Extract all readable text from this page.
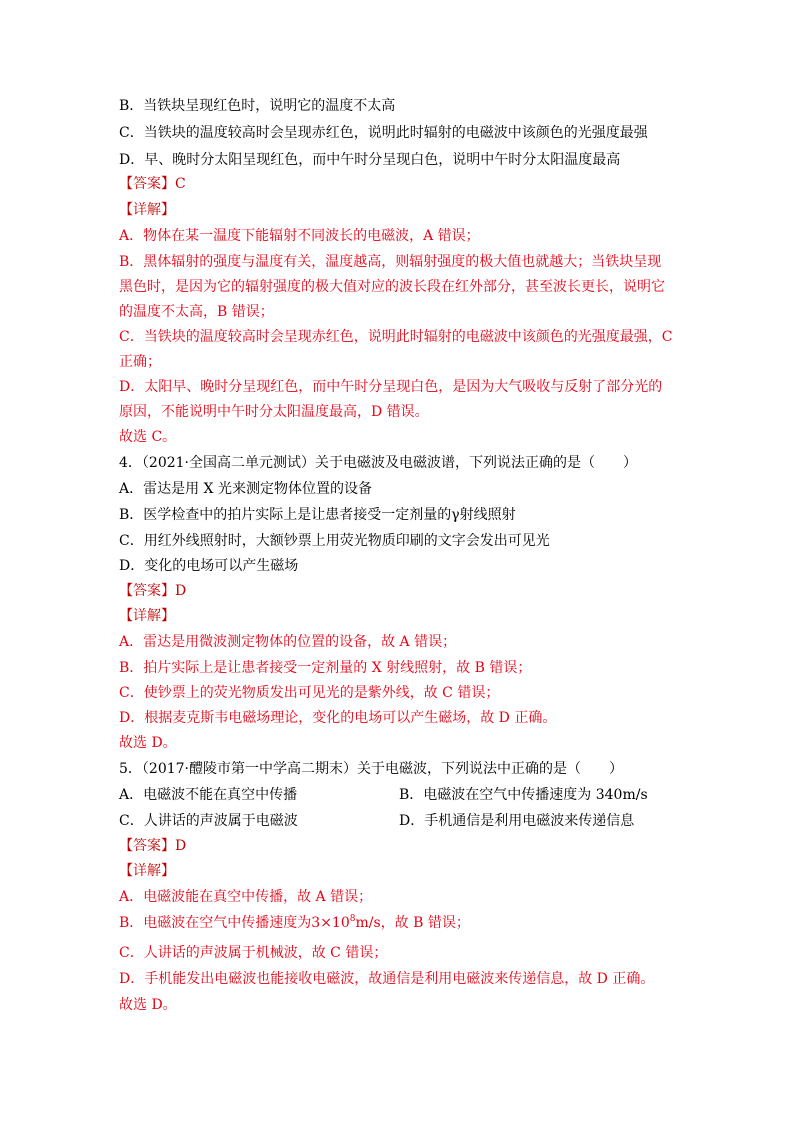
B．当铁块呈现红色时，说明它的温度不太高
C．当铁块的温度较高时会呈现赤红色，说明此时辐射的电磁波中该颜色的光强度最强
D．早、晚时分太阳呈现红色，而中午时分呈现白色，说明中午时分太阳温度最高
【答案】C
【详解】
A．物体在某一温度下能辐射不同波长的电磁波，A 错误；
B．黑体辐射的强度与温度有关，温度越高，则辐射强度的极大值也就越大；当铁块呈现
黑色时，是因为它的辐射强度的极大值对应的波长段在红外部分，甚至波长更长，说明它
的温度不太高，B 错误；
C．当铁块的温度较高时会呈现赤红色，说明此时辐射的电磁波中该颜色的光强度最强，C
正确；
D．太阳早、晚时分呈现红色，而中午时分呈现白色，是因为大气吸收与反射了部分光的
原因，不能说明中午时分太阳温度最高，D 错误。
故选 C。
4．（2021·全国高二单元测试）关于电磁波及电磁波谱，下列说法正确的是（　　）
A．雷达是用 X 光来测定物体位置的设备
B．医学检查中的拍片实际上是让患者接受一定剂量的γ射线照射
C．用红外线照射时，大额钞票上用荧光物质印刷的文字会发出可见光
D．变化的电场可以产生磁场
【答案】D
【详解】
A．雷达是用微波测定物体的位置的设备，故 A 错误；
B．拍片实际上是让患者接受一定剂量的 X 射线照射，故 B 错误；
C．使钞票上的荧光物质发出可见光的是紫外线，故 C 错误；
D．根据麦克斯韦电磁场理论，变化的电场可以产生磁场，故 D 正确。
故选 D。
5．（2017·醴陵市第一中学高二期末）关于电磁波，下列说法中正确的是（　　）
A．电磁波不能在真空中传播	B．电磁波在空气中传播速度为 340m/s
C．人讲话的声波属于电磁波	D．手机通信是利用电磁波来传递信息
【答案】D
【详解】
A．电磁波能在真空中传播，故 A 错误；
B．电磁波在空气中传播速度为$3\times 10^8m/s$，故 B 错误；
C．人讲话的声波属于机械波，故 C 错误；
D．手机能发出电磁波也能接收电磁波，故通信是利用电磁波来传递信息，故 D 正确。
故选 D。
